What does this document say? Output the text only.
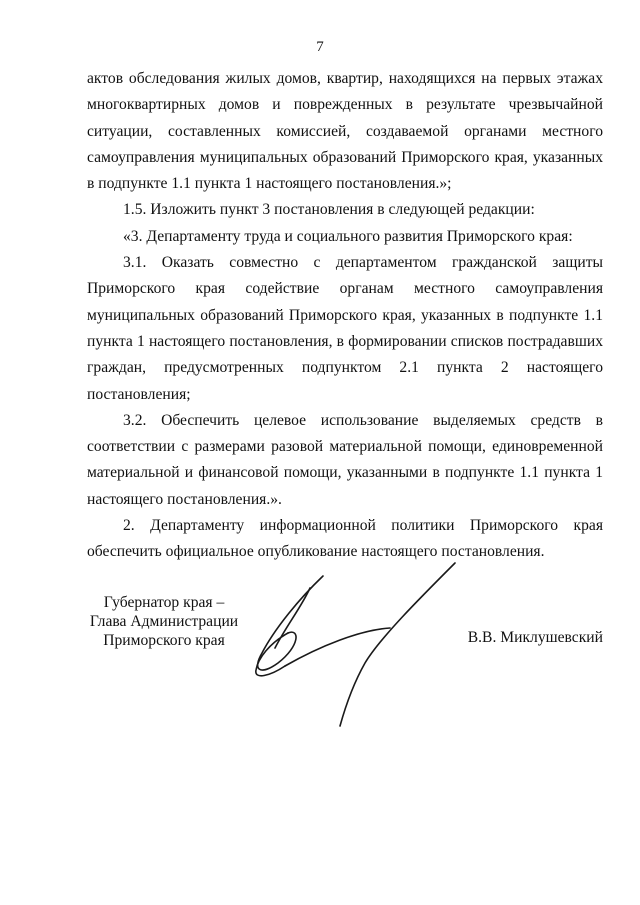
7

актов обследования жилых домов, квартир, находящихся на первых этажах многоквартирных домов и поврежденных в результате чрезвычайной ситуации, составленных комиссией, создаваемой органами местного самоуправления муниципальных образований Приморского края, указанных в подпункте 1.1 пункта 1 настоящего постановления.»;

1.5. Изложить пункт 3 постановления в следующей редакции:

«3. Департаменту труда и социального развития Приморского края:

3.1. Оказать совместно с департаментом гражданской защиты Приморского края содействие органам местного самоуправления муниципальных образований Приморского края, указанных в подпункте 1.1 пункта 1 настоящего постановления, в формировании списков пострадавших граждан, предусмотренных подпунктом 2.1 пункта 2 настоящего постановления;

3.2. Обеспечить целевое использование выделяемых средств в соответствии с размерами разовой материальной помощи, единовременной материальной и финансовой помощи, указанными в подпункте 1.1 пункта 1 настоящего постановления.».

2. Департаменту информационной политики Приморского края обеспечить официальное опубликование настоящего постановления.

Губернатор края –
Глава Администрации
Приморского края	В.В. Миклушевский
